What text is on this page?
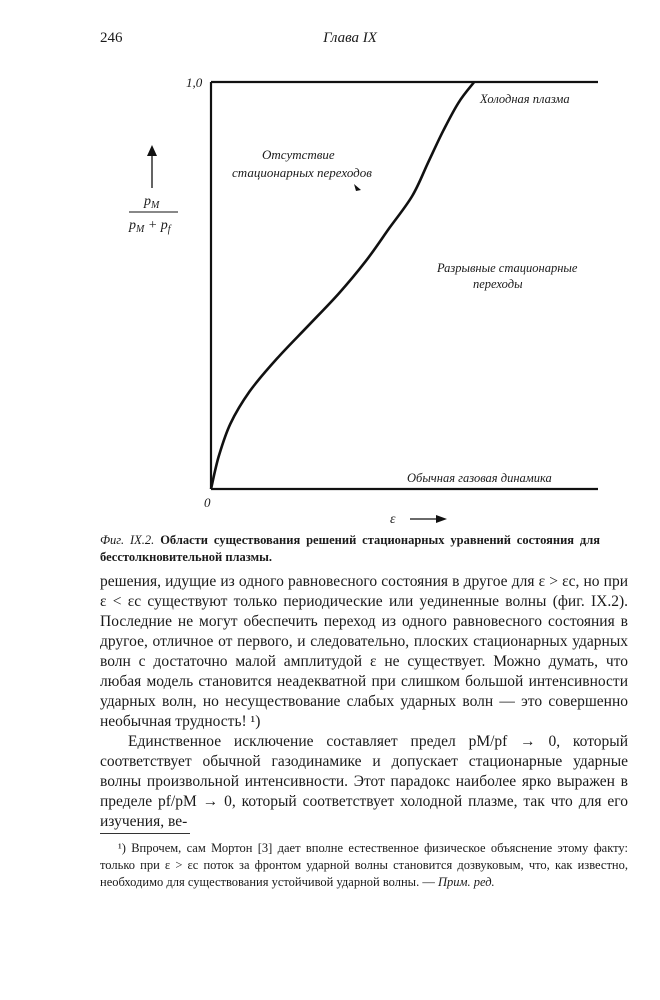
246	Глава IX
1,0
0
$p_M$
$p_M + p_f$
Отсутствие
стационарных переходов
Разрывные стационарные
переходы
Холодная плазма
Обычная газовая динамика
ε
Фиг. IX.2. Области существования решений стационарных уравнений состояния для бесстолкновительной плазмы.

решения, идущие из одного равновесного состояния в другое для ε > εc, но при ε < εc существуют только периодические или уединенные волны (фиг. IX.2). Последние не могут обеспечить переход из одного равновесного состояния в другое, отличное от первого, и следовательно, плоских стационарных ударных волн с достаточно малой амплитудой ε не существует. Можно думать, что любая модель становится неадекватной при слишком большой интенсивности ударных волн, но несуществование слабых ударных волн — это совершенно необычная трудность! ¹)

Единственное исключение составляет предел pM/pf → 0, который соответствует обычной газодинамике и допускает стационарные ударные волны произвольной интенсивности. Этот парадокс наиболее ярко выражен в пределе pf/pM → 0, который соответствует холодной плазме, так что для его изучения, ве-

¹) Впрочем, сам Мортон [3] дает вполне естественное физическое объяснение этому факту: только при ε > εc поток за фронтом ударной волны становится дозвуковым, что, как известно, необходимо для существования устойчивой ударной волны. — Прим. ред.
